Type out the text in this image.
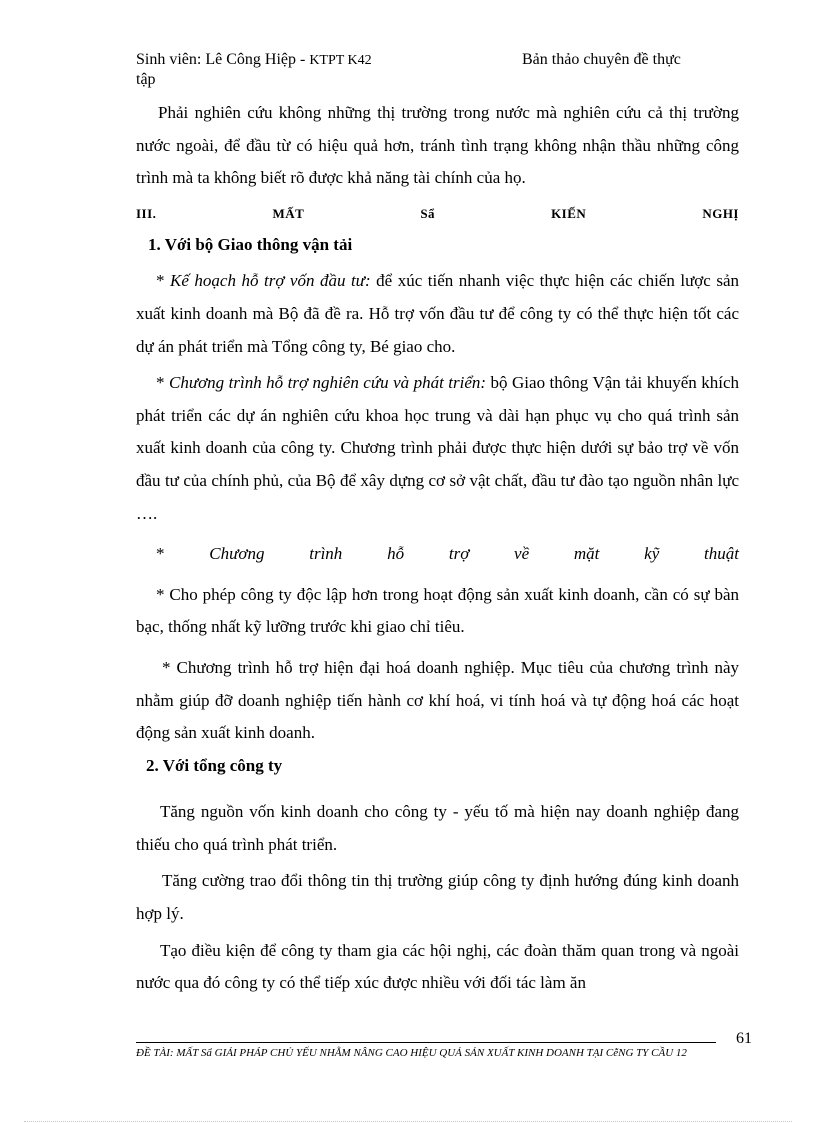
Sinh viên: Lê Công Hiệp - KTPT K42	Bản thảo chuyên đề thực
tập

Phải nghiên cứu không những thị trường trong nước mà nghiên cứu cả thị trường nước ngoài, để đầu từ có hiệu quả hơn, tránh tình trạng không nhận thầu những công trình mà ta không biết rõ được khả năng tài chính của họ.

III.	MẤT	Sẩ	KIẾN	NGHỊ

1. Với bộ Giao thông vận tải

* Kế hoạch hỗ trợ vốn đầu tư: để xúc tiến nhanh việc thực hiện các chiến lược sản xuất kinh doanh mà Bộ đã đề ra. Hỗ trợ vốn đầu tư để công ty có thể thực hiện tốt các dự án phát triển mà Tổng công ty, Bé giao cho.

* Chương trình hỗ trợ nghiên cứu và phát triển: bộ Giao thông Vận tải khuyến khích phát triển các dự án nghiên cứu khoa học trung và dài hạn phục vụ cho quá trình sản xuất kinh doanh của công ty. Chương trình phải được thực hiện dưới sự bảo trợ về vốn đầu tư của chính phủ, của Bộ để xây dựng cơ sở vật chất, đầu tư đào tạo nguồn nhân lực ….

* Chương trình hỗ trợ về mặt kỹ thuật

* Cho phép công ty độc lập hơn trong hoạt động sản xuất kinh doanh, cần có sự bàn bạc, thống nhất kỹ lưỡng trước khi giao chỉ tiêu.

* Chương trình hỗ trợ hiện đại hoá doanh nghiệp. Mục tiêu của chương trình này nhằm giúp đỡ doanh nghiệp tiến hành cơ khí hoá, vi tính hoá và tự động hoá các hoạt động sản xuất kinh doanh.

2. Với tổng công ty

Tăng nguồn vốn kinh doanh cho công ty - yếu tố mà hiện nay doanh nghiệp đang thiếu cho quá trình phát triển.

Tăng cường trao đổi thông tin thị trường giúp công ty định hướng đúng kinh doanh hợp lý.

Tạo điều kiện để công ty tham gia các hội nghị, các đoàn thăm quan trong và ngoài nước qua đó công ty có thể tiếp xúc được nhiều với đối tác làm ăn

61
ĐỀ TÀI: MẤT Sẩ GIẢI PHÁP CHỦ YẾU NHẰM NÂNG CAO HIỆU QUẢ SẢN XUẤT KINH DOANH TẠI CễNG TY CẦU 12
